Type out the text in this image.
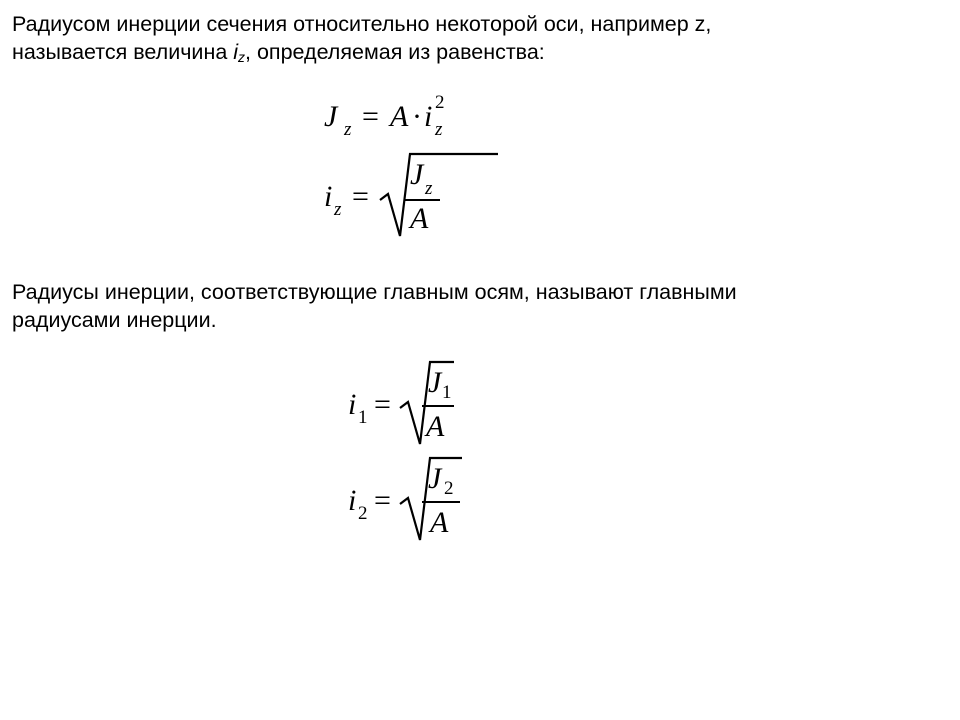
Радиусом инерции сечения относительно некоторой оси, например z,
называется величина $i_z$, определяемая из равенства:

J z = A · i 2
z
i z =
J z
A

Радиусы инерции, соответствующие главным осям, называют главными
радиусами инерции.

i 1 =
J 1
A
i 2 =
J 2
A
